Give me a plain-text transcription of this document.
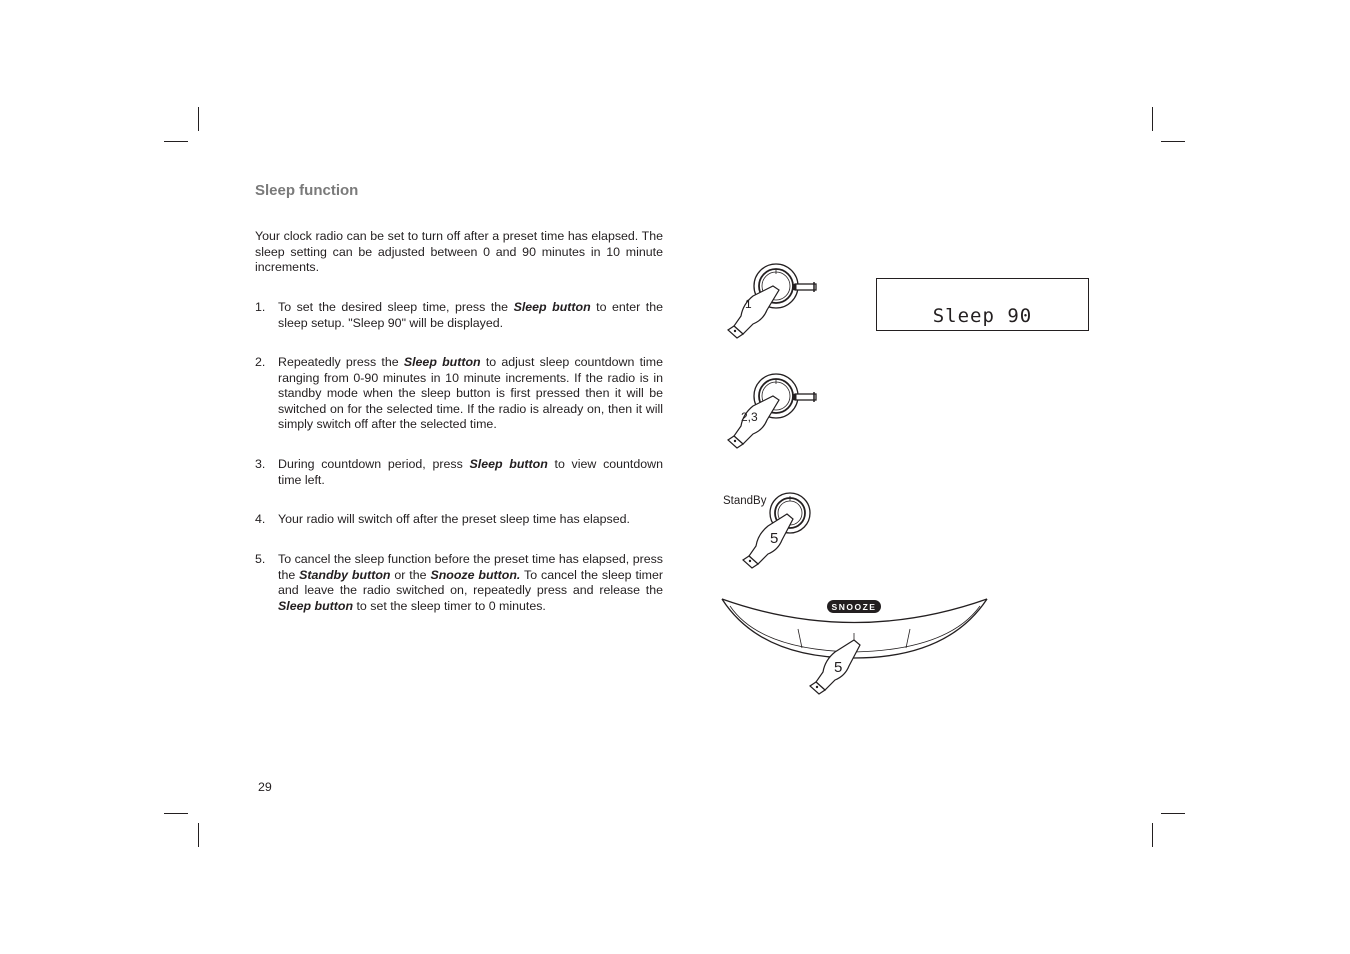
Sleep function
Your clock radio can be set to turn off after a preset time has elapsed. The sleep setting can be adjusted between 0 and 90 minutes in 10 minute increments.
1. To set the desired sleep time, press the Sleep button to enter the sleep setup. "Sleep 90" will be displayed.
2. Repeatedly press the Sleep button to adjust sleep countdown time ranging from 0-90 minutes in 10 minute increments. If the radio is in standby mode when the sleep button is first pressed then it will be switched on for the selected time. If the radio is already on, then it will simply switch off after the selected time.
3. During countdown period, press Sleep button to view countdown time left.
4. Your radio will switch off after the preset sleep time has elapsed.
5. To cancel the sleep function before the preset time has elapsed, press the Standby button or the Snooze button. To cancel the sleep timer and leave the radio switched on, repeatedly press and release the Sleep button to set the sleep timer to 0 minutes.
29
Sleep 90
1
2,3
StandBy
5
SNOOZE
5
